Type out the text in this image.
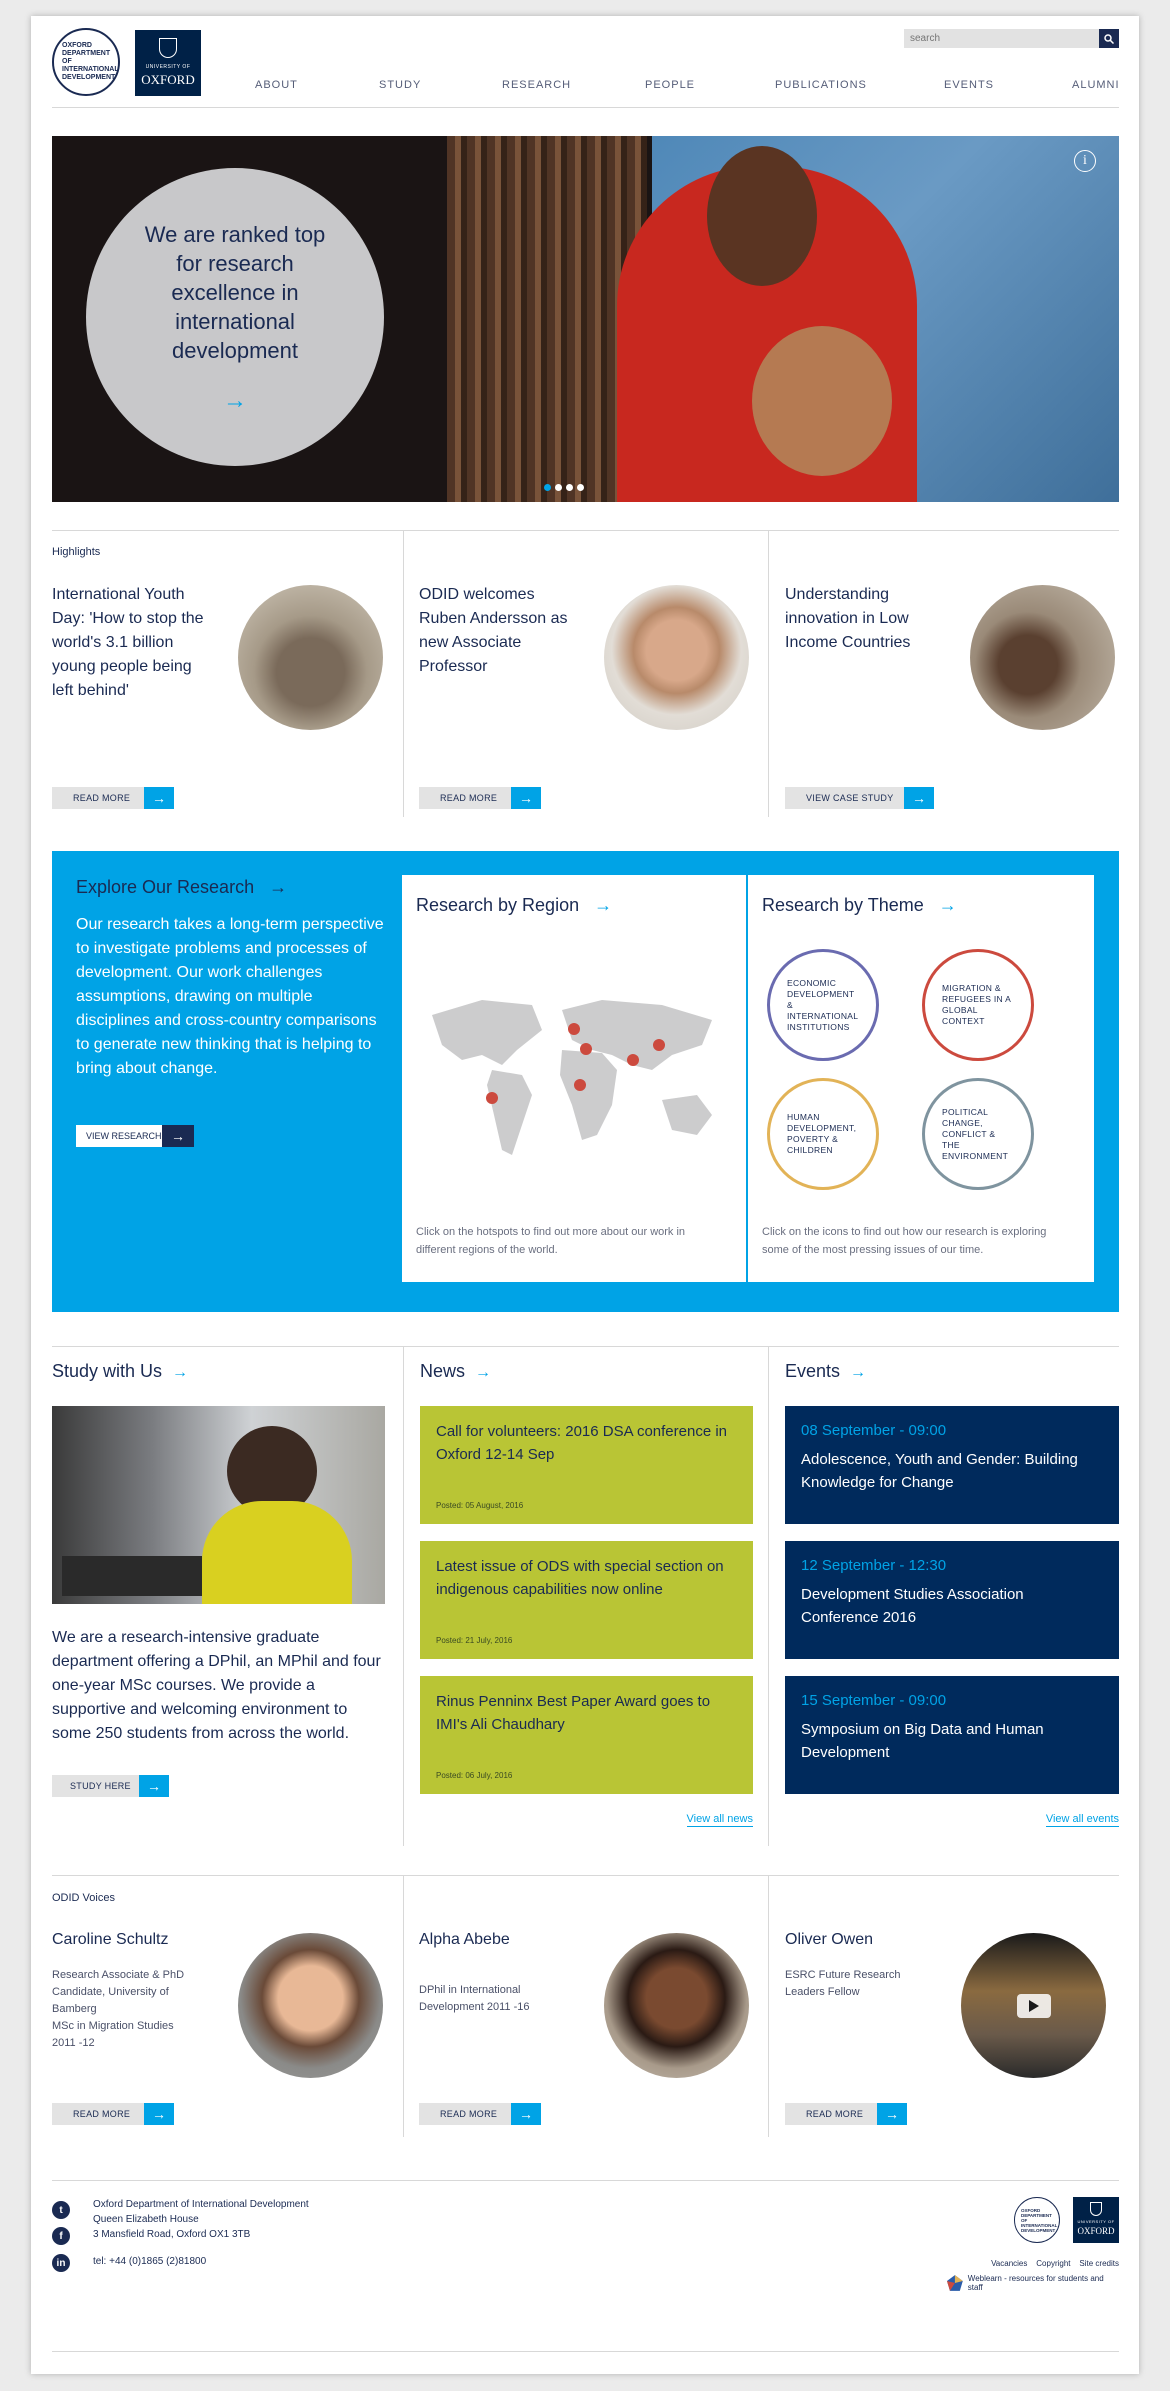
OXFORD DEPARTMENT OF INTERNATIONAL DEVELOPMENT
UNIVERSITY OF
OXFORD
search	ABOUT	STUDY	RESEARCH	PEOPLE	PUBLICATIONS	EVENTS	ALUMNI
We are ranked top for research excellence in international development
→
i
Highlights
International Youth Day: 'How to stop the world's 3.1 billion young people being left behind'
READ MORE	→
ODID welcomes Ruben Andersson as new Associate Professor
READ MORE	→
Understanding innovation in Low Income Countries
VIEW CASE STUDY	→
Explore Our Research →
Our research takes a long-term perspective to investigate problems and processes of development. Our work challenges assumptions, drawing on multiple disciplines and cross-country comparisons to generate new thinking that is helping to bring about change.
VIEW RESEARCH →
Research by Region →
Click on the hotspots to find out more about our work in different regions of the world.
Research by Theme →
ECONOMIC DEVELOPMENT & INTERNATIONAL INSTITUTIONS
MIGRATION & REFUGEES IN A GLOBAL CONTEXT
HUMAN DEVELOPMENT, POVERTY & CHILDREN
POLITICAL CHANGE, CONFLICT & THE ENVIRONMENT
Click on the icons to find out how our research is exploring some of the most pressing issues of our time.
Study with Us →
We are a research-intensive graduate department offering a DPhil, an MPhil and four one-year MSc courses. We provide a supportive and welcoming environment to some 250 students from across the world.
STUDY HERE	→
News →
Call for volunteers: 2016 DSA conference in Oxford 12-14 Sep
Posted: 05 August, 2016
Latest issue of ODS with special section on indigenous capabilities now online
Posted: 21 July, 2016
Rinus Penninx Best Paper Award goes to IMI's Ali Chaudhary
Posted: 06 July, 2016
View all news
Events →
08 September - 09:00
Adolescence, Youth and Gender: Building Knowledge for Change
12 September - 12:30
Development Studies Association Conference 2016
15 September - 09:00
Symposium on Big Data and Human Development
View all events
ODID Voices
Caroline Schultz
Research Associate & PhD Candidate, University of Bamberg
MSc in Migration Studies 2011 -12
READ MORE	→
Alpha Abebe
DPhil in International Development 2011 -16
READ MORE	→
Oliver Owen
ESRC Future Research Leaders Fellow
READ MORE	→
t
f
in
Oxford Department of International Development
Queen Elizabeth House
3 Mansfield Road, Oxford OX1 3TB
tel: +44 (0)1865 (2)81800
OXFORD DEPARTMENT OF INTERNATIONAL DEVELOPMENT
UNIVERSITY OF
OXFORD
Vacancies Copyright Site credits
Weblearn - resources for students and staff
